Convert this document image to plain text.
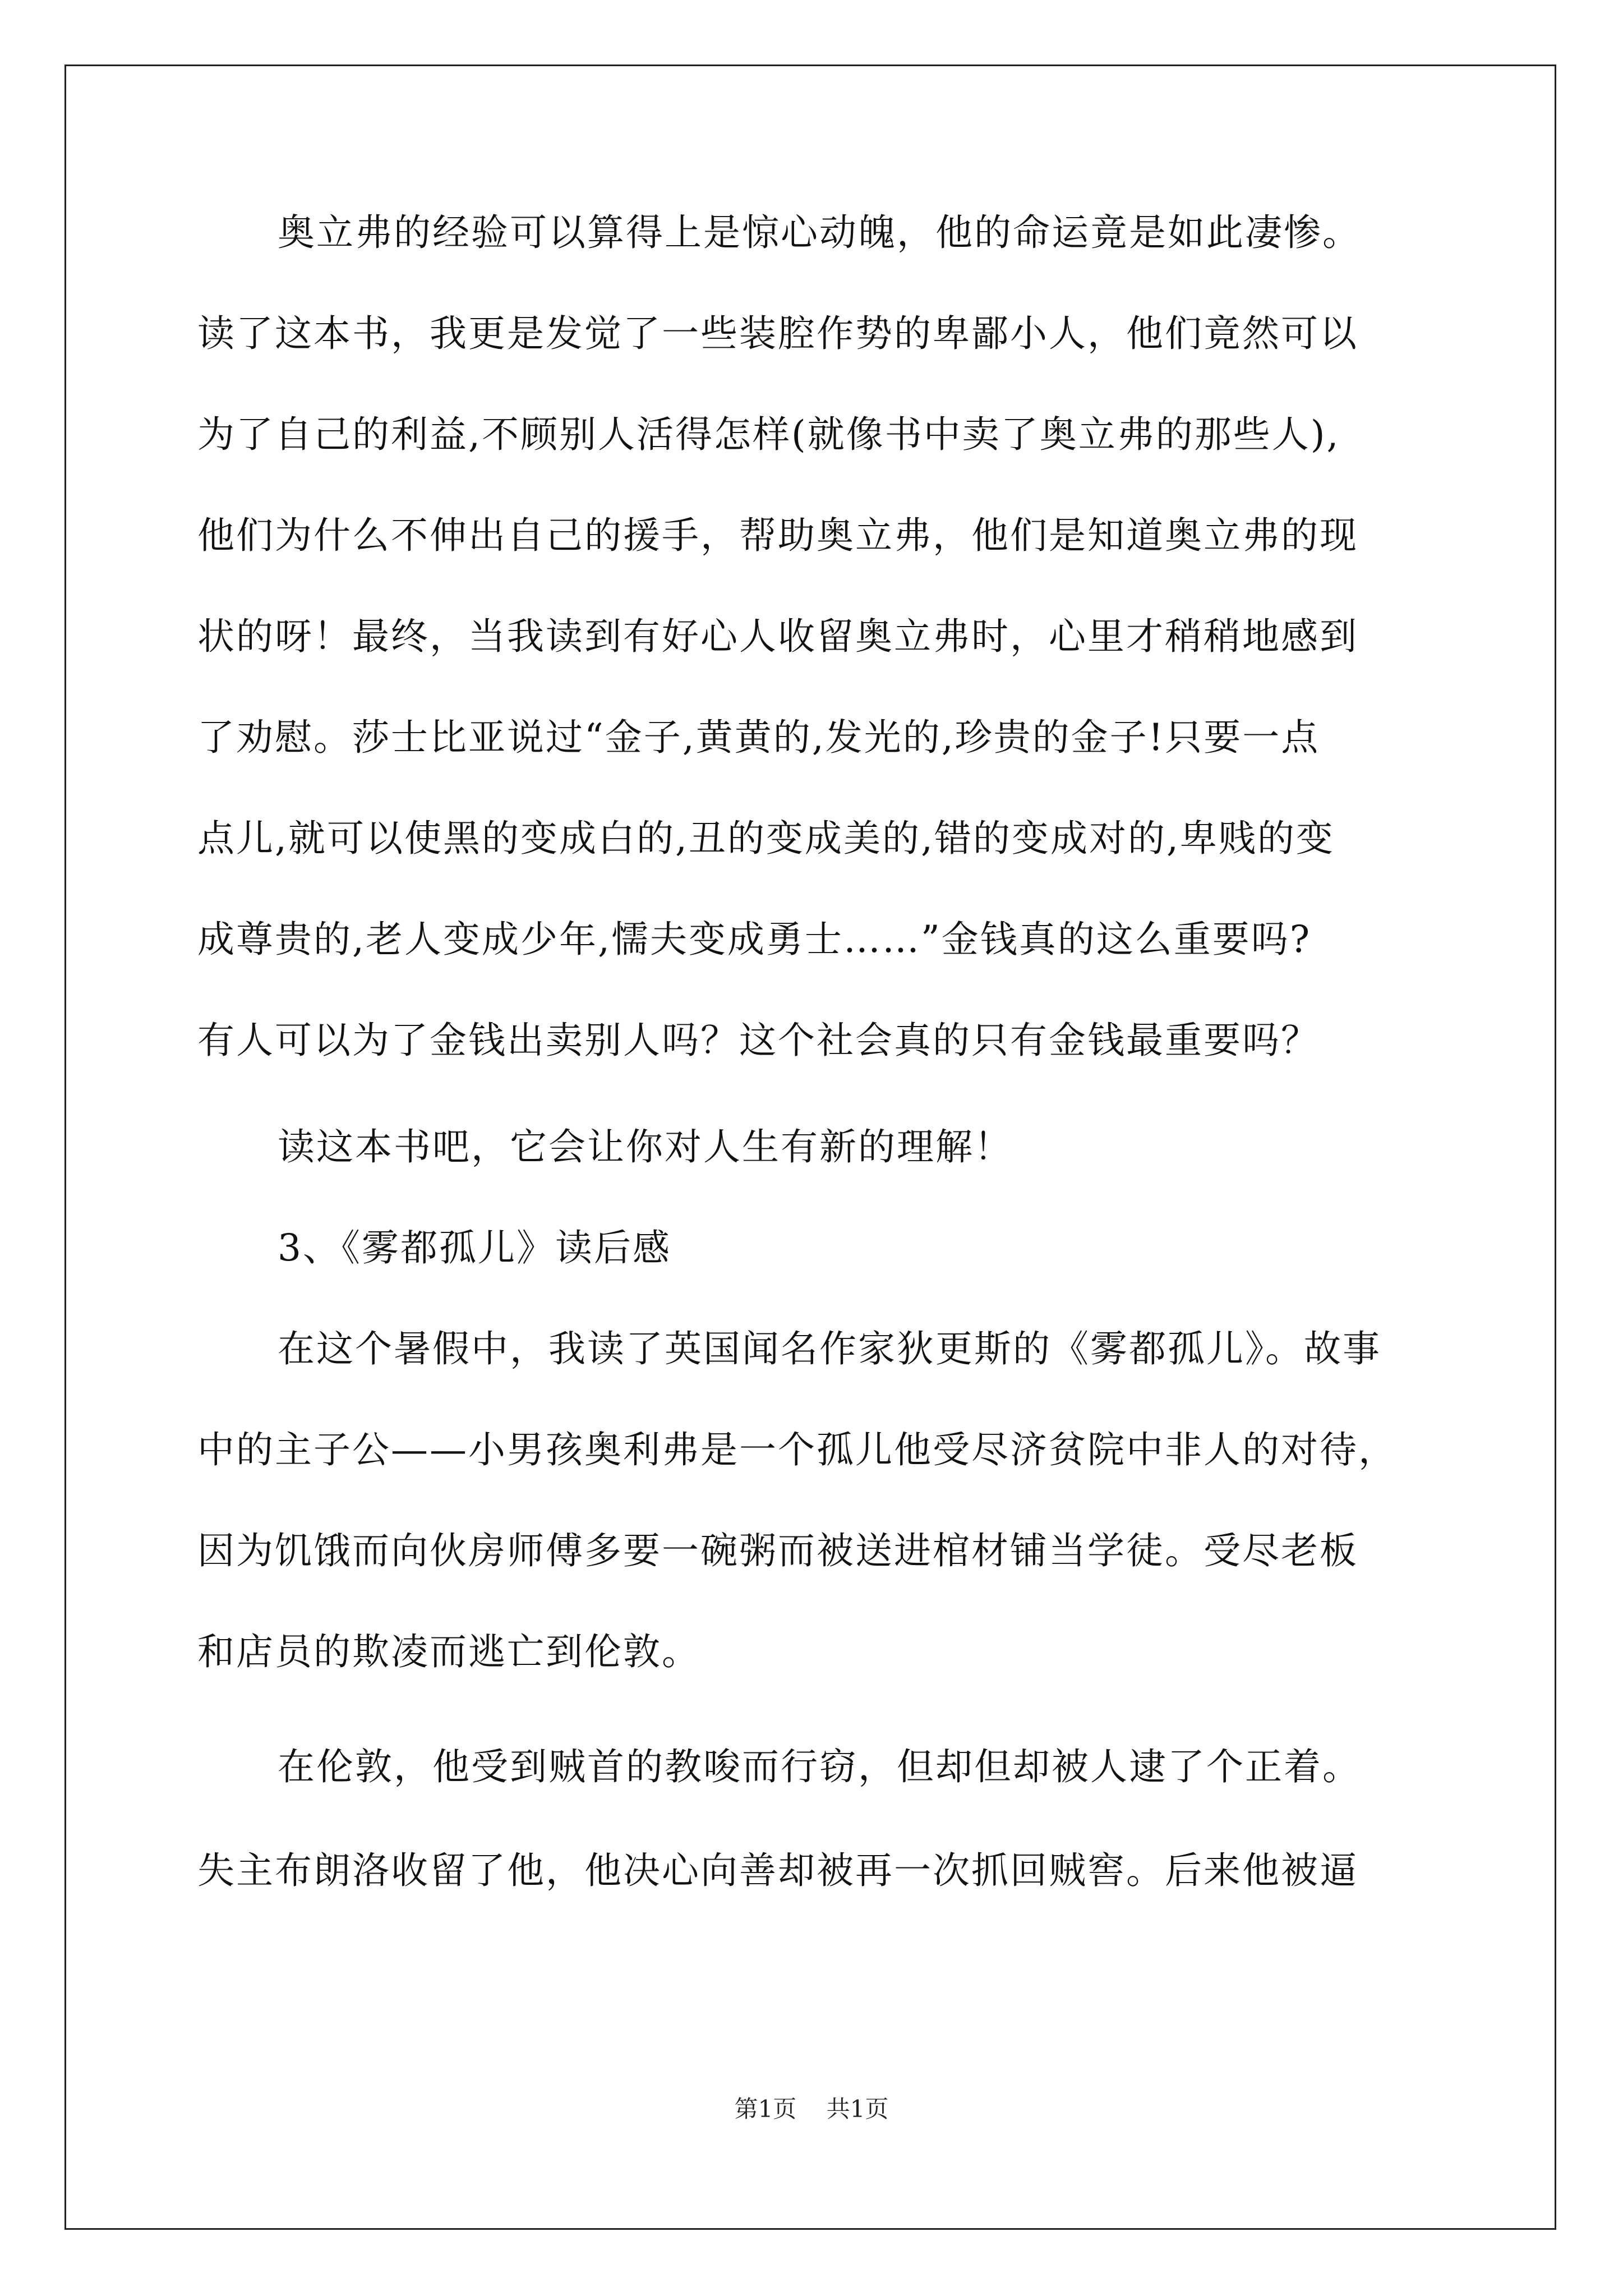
奥立弗的经验可以算得上是惊心动魄，他的命运竟是如此凄惨。
读了这本书，我更是发觉了一些装腔作势的卑鄙小人，他们竟然可以
为了自己的利益,不顾别人活得怎样(就像书中卖了奥立弗的那些人),
他们为什么不伸出自己的援手，帮助奥立弗，他们是知道奥立弗的现
状的呀！最终，当我读到有好心人收留奥立弗时，心里才稍稍地感到
了劝慰。莎士比亚说过“金子,黄黄的,发光的,珍贵的金子!只要一点
点儿,就可以使黑的变成白的,丑的变成美的,错的变成对的,卑贱的变
成尊贵的,老人变成少年,懦夫变成勇士……”金钱真的这么重要吗?
有人可以为了金钱出卖别人吗？这个社会真的只有金钱最重要吗？
读这本书吧，它会让你对人生有新的理解！
3、《雾都孤儿》读后感
在这个暑假中，我读了英国闻名作家狄更斯的《雾都孤儿》。故事
中的主子公——小男孩奥利弗是一个孤儿他受尽济贫院中非人的对待，
因为饥饿而向伙房师傅多要一碗粥而被送进棺材铺当学徒。受尽老板
和店员的欺凌而逃亡到伦敦。
在伦敦，他受到贼首的教唆而行窃，但却但却被人逮了个正着。
失主布朗洛收留了他，他决心向善却被再一次抓回贼窖。后来他被逼
第1页 共1页
